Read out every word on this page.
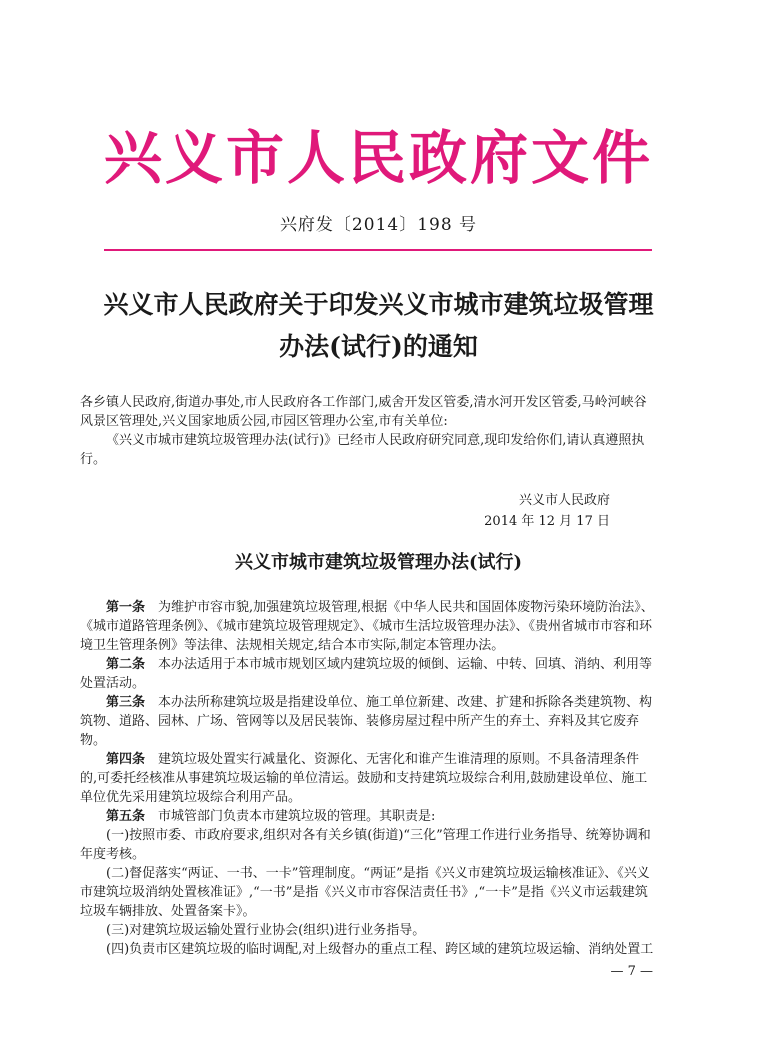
兴义市人民政府文件
兴府发〔2014〕198 号
兴义市人民政府关于印发兴义市城市建筑垃圾管理
办法(试行)的通知
各乡镇人民政府,街道办事处,市人民政府各工作部门,威舍开发区管委,清水河开发区管委,马岭河峡谷风景区管理处,兴义国家地质公园,市园区管理办公室,市有关单位:
《兴义市城市建筑垃圾管理办法(试行)》已经市人民政府研究同意,现印发给你们,请认真遵照执行。
兴义市人民政府
2014 年 12 月 17 日
兴义市城市建筑垃圾管理办法(试行)

第一条　为维护市容市貌,加强建筑垃圾管理,根据《中华人民共和国固体废物污染环境防治法》、《城市道路管理条例》、《城市建筑垃圾管理规定》、《城市生活垃圾管理办法》、《贵州省城市市容和环境卫生管理条例》等法律、法规相关规定,结合本市实际,制定本管理办法。

第二条　本办法适用于本市城市规划区域内建筑垃圾的倾倒、运输、中转、回填、消纳、利用等处置活动。

第三条　本办法所称建筑垃圾是指建设单位、施工单位新建、改建、扩建和拆除各类建筑物、构筑物、道路、园林、广场、管网等以及居民装饰、装修房屋过程中所产生的弃土、弃料及其它废弃物。

第四条　建筑垃圾处置实行减量化、资源化、无害化和谁产生谁清理的原则。不具备清理条件的,可委托经核准从事建筑垃圾运输的单位清运。鼓励和支持建筑垃圾综合利用,鼓励建设单位、施工单位优先采用建筑垃圾综合利用产品。

第五条　市城管部门负责本市建筑垃圾的管理。其职责是:

(一)按照市委、市政府要求,组织对各有关乡镇(街道)“三化”管理工作进行业务指导、统筹协调和年度考核。

(二)督促落实“两证、一书、一卡”管理制度。“两证”是指《兴义市建筑垃圾运输核准证》、《兴义市建筑垃圾消纳处置核准证》,“一书”是指《兴义市市容保洁责任书》,“一卡”是指《兴义市运载建筑垃圾车辆排放、处置备案卡》。

(三)对建筑垃圾运输处置行业协会(组织)进行业务指导。

(四)负责市区建筑垃圾的临时调配,对上级督办的重点工程、跨区域的建筑垃圾运输、消纳处置工

— 7 —
